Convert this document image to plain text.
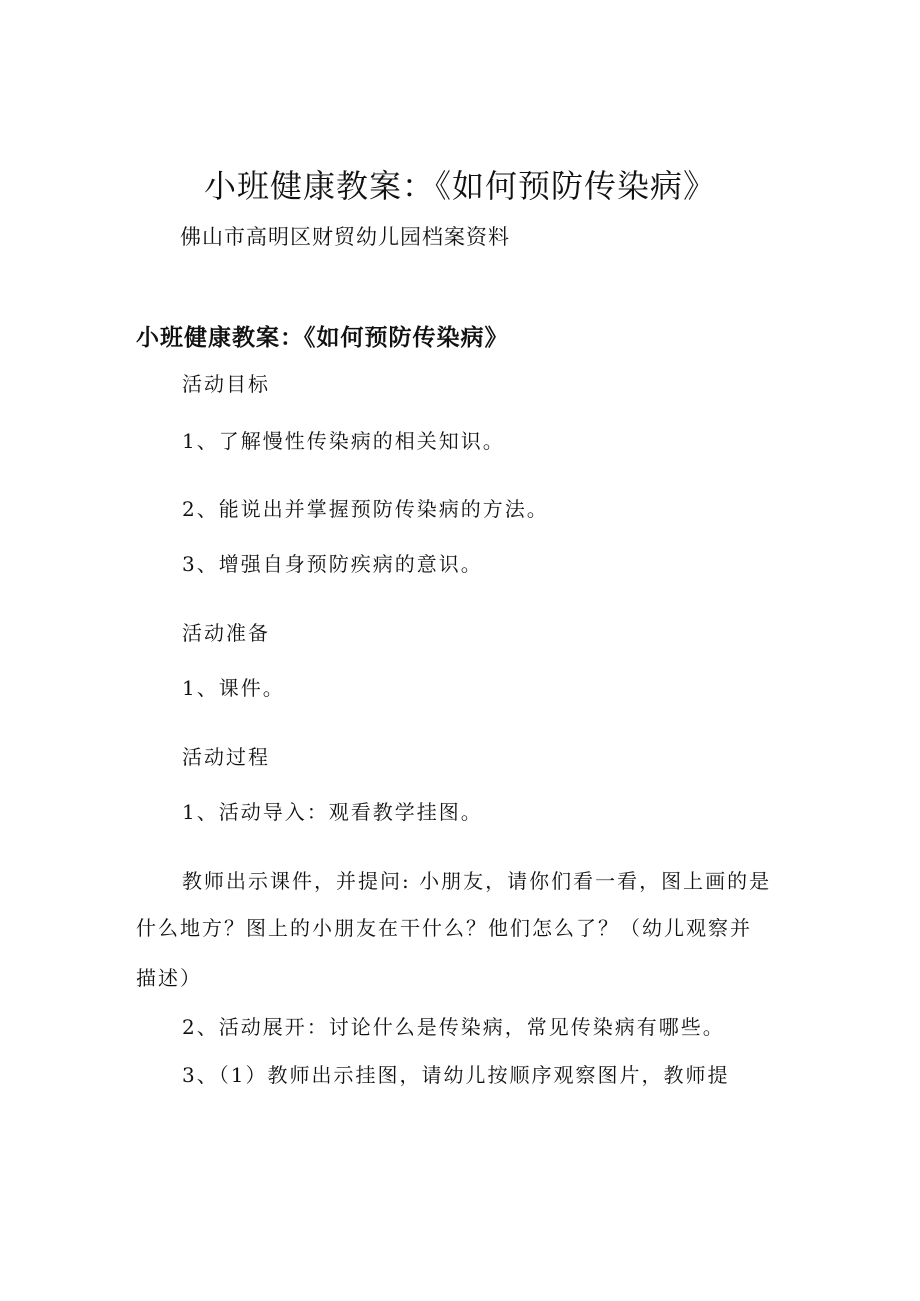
小班健康教案：《如何预防传染病》

佛山市高明区财贸幼儿园档案资料

小班健康教案：《如何预防传染病》

活动目标

1、了解慢性传染病的相关知识。

2、能说出并掌握预防传染病的方法。

3、增强自身预防疾病的意识。

活动准备

1、课件。

活动过程

1、活动导入：观看教学挂图。

教师出示课件，并提问: 小朋友，请你们看一看，图上画的是

什么地方？图上的小朋友在干什么？他们怎么了？（幼儿观察并

描述）

2、活动展开：讨论什么是传染病，常见传染病有哪些。

3、（1）教师出示挂图，请幼儿按顺序观察图片，教师提
